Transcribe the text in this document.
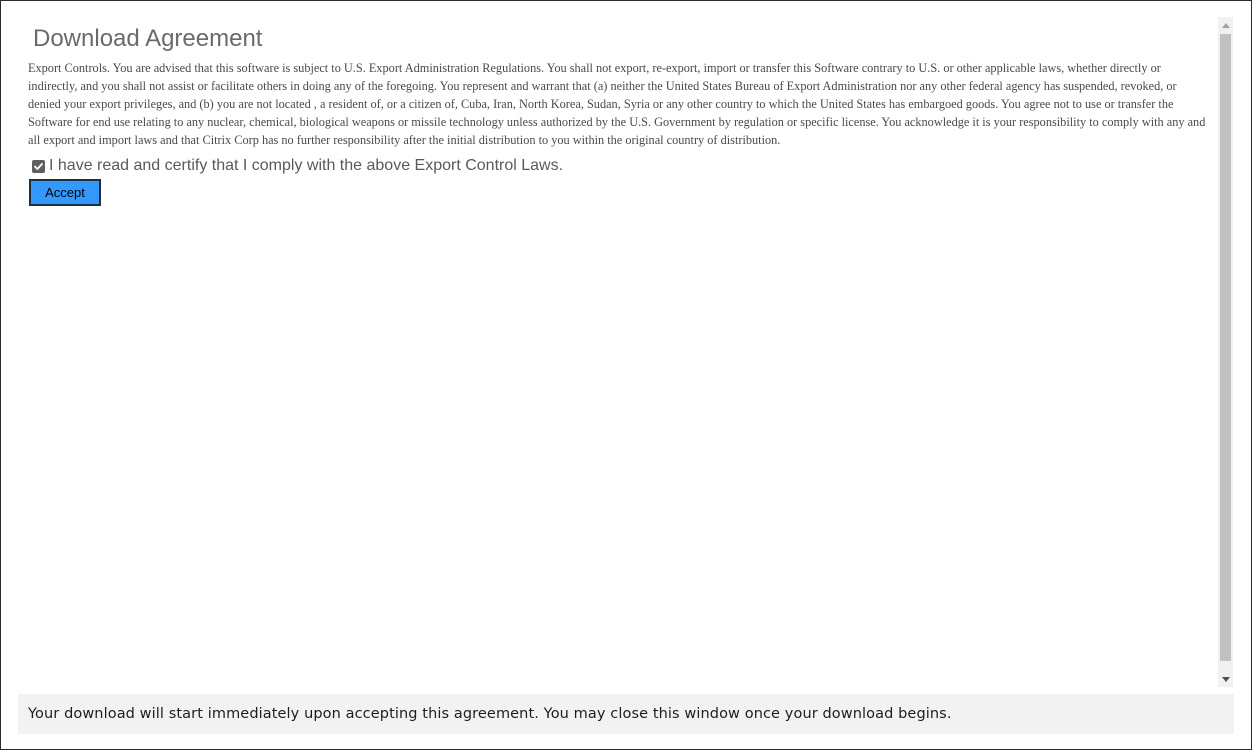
Download Agreement

Export Controls. You are advised that this software is subject to U.S. Export Administration Regulations. You shall not export, re-export, import or transfer this Software contrary to U.S. or other applicable laws, whether directly or indirectly, and you shall not assist or facilitate others in doing any of the foregoing. You represent and warrant that (a) neither the United States Bureau of Export Administration nor any other federal agency has suspended, revoked, or denied your export privileges, and (b) you are not located , a resident of, or a citizen of, Cuba, Iran, North Korea, Sudan, Syria or any other country to which the United States has embargoed goods. You agree not to use or transfer the Software for end use relating to any nuclear, chemical, biological weapons or missile technology unless authorized by the U.S. Government by regulation or specific license. You acknowledge it is your responsibility to comply with any and all export and import laws and that Citrix Corp has no further responsibility after the initial distribution to you within the original country of distribution.

I have read and certify that I comply with the above Export Control Laws.
Accept
Your download will start immediately upon accepting this agreement. You may close this window once your download begins.
